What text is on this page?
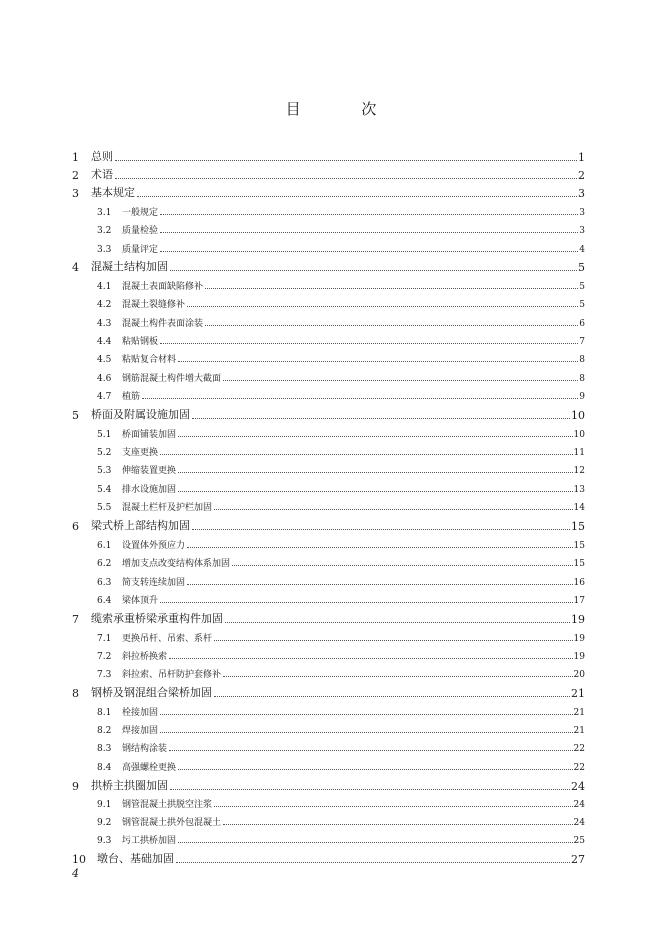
目 次
1	总则	1
2	术语	2
3	基本规定	3
3.1	一般规定	3
3.2	质量检验	3
3.3	质量评定	4
4	混凝土结构加固	5
4.1	混凝土表面缺陷修补	5
4.2	混凝土裂缝修补	5
4.3	混凝土构件表面涂装	6
4.4	粘贴钢板	7
4.5	粘贴复合材料	8
4.6	钢筋混凝土构件增大截面	8
4.7	植筋	9
5	桥面及附属设施加固	10
5.1	桥面铺装加固	10
5.2	支座更换	11
5.3	伸缩装置更换	12
5.4	排水设施加固	13
5.5	混凝土栏杆及护栏加固	14
6	梁式桥上部结构加固	15
6.1	设置体外预应力	15
6.2	增加支点改变结构体系加固	15
6.3	简支转连续加固	16
6.4	梁体顶升	17
7	缆索承重桥梁承重构件加固	19
7.1	更换吊杆、吊索、系杆	19
7.2	斜拉桥换索	19
7.3	斜拉索、吊杆防护套修补	20
8	钢桥及钢混组合梁桥加固	21
8.1	栓接加固	21
8.2	焊接加固	21
8.3	钢结构涂装	22
8.4	高强螺栓更换	22
9	拱桥主拱圈加固	24
9.1	钢管混凝土拱脱空注浆	24
9.2	钢管混凝土拱外包混凝土	24
9.3	圬工拱桥加固	25
10	墩台、基础加固	27
4
